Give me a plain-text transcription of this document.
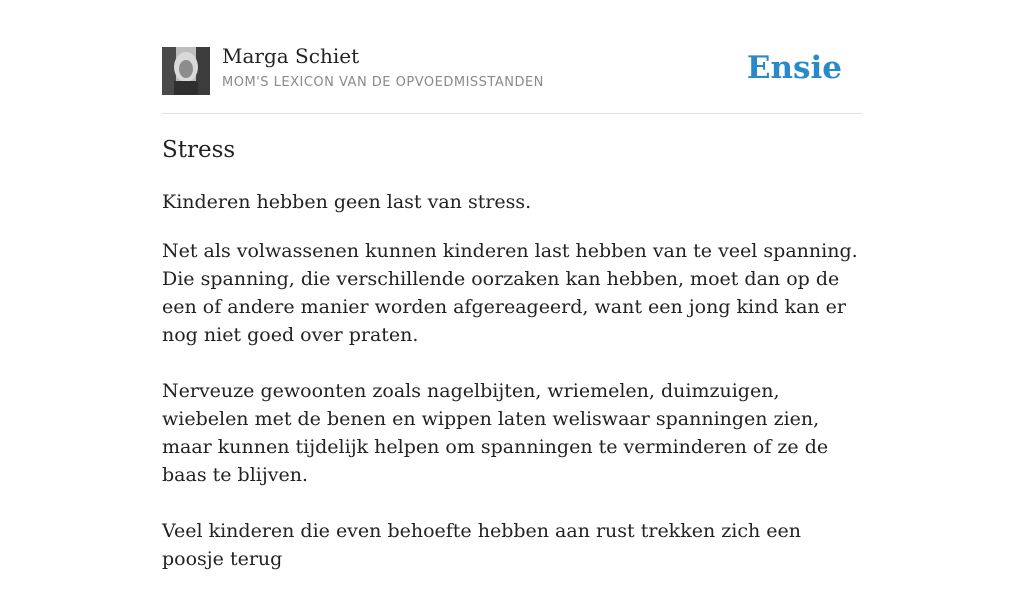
Marga Schiet
MOM'S LEXICON VAN DE OPVOEDMISSTANDEN	Ensie
Stress

Kinderen hebben geen last van stress.

Net als volwassenen kunnen kinderen last hebben van te veel spanning. Die spanning, die verschillende oorzaken kan hebben, moet dan op de een of andere manier worden afgereageerd, want een jong kind kan er nog niet goed over praten.

Nerveuze gewoonten zoals nagelbijten, wriemelen, duimzuigen, wiebelen met de benen en wippen laten weliswaar spanningen zien, maar kunnen tijdelijk helpen om spanningen te verminderen of ze de baas te blijven.

Veel kinderen die even behoefte hebben aan rust trekken zich een poosje terug
